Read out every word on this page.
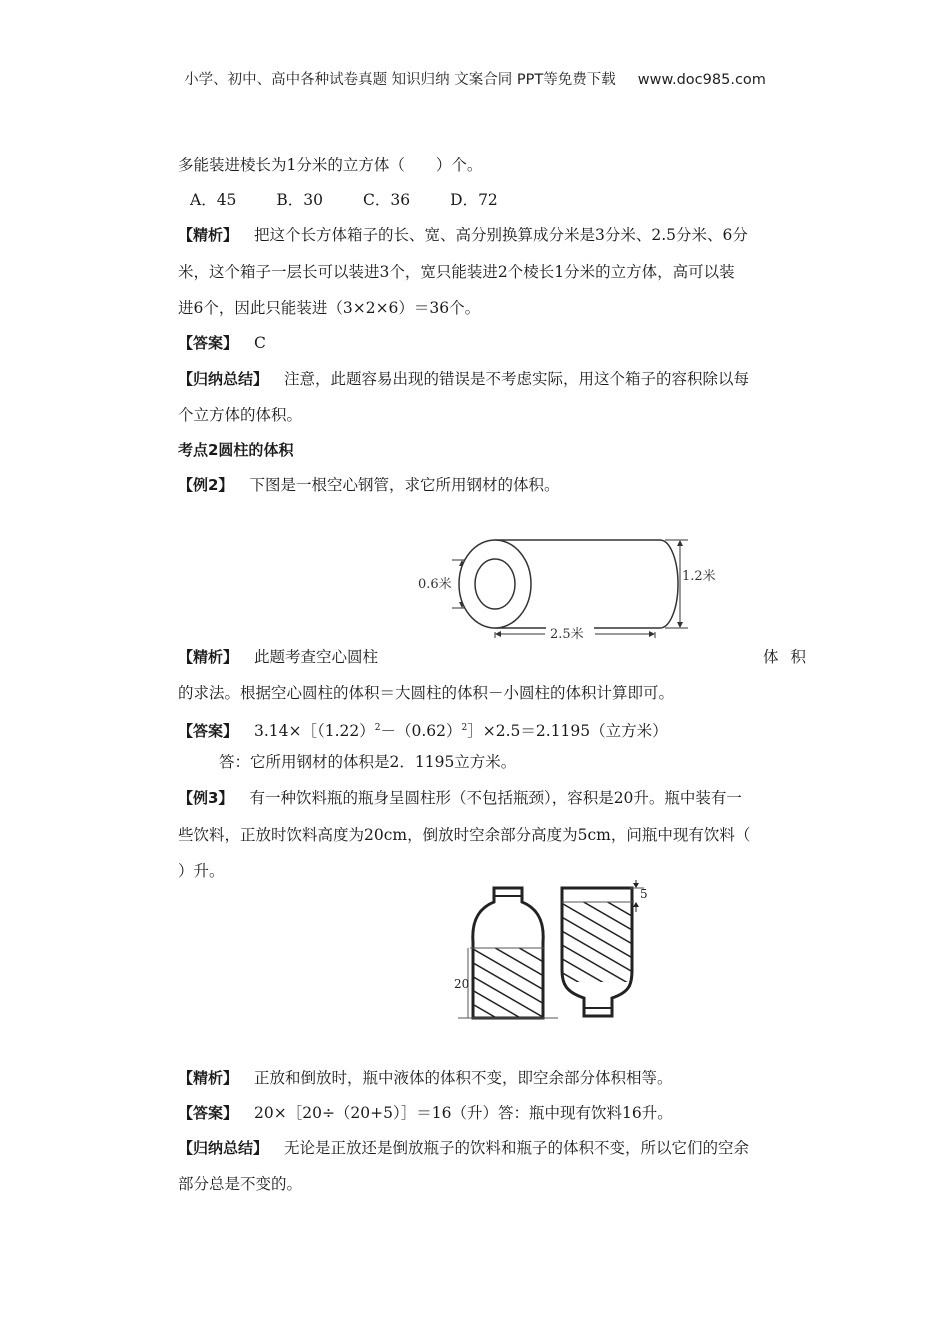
小学、初中、高中各种试卷真题 知识归纳 文案合同 PPT等免费下载 www.doc985.com
多能装进棱长为1分米的立方体（　　）个。
A．45	B．30	C．36	D．72
【精析】 把这个长方体箱子的长、宽、高分别换算成分米是3分米、2.5分米、6分
米，这个箱子一层长可以装进3个，宽只能装进2个棱长1分米的立方体，高可以装
进6个，因此只能装进（3×2×6）＝36个。
【答案】 C
【归纳总结】 注意，此题容易出现的错误是不考虑实际，用这个箱子的容积除以每
个立方体的体积。
考点2圆柱的体积
【例2】 下图是一根空心钢管，求它所用钢材的体积。
0.6米
1.2米
2.5米
【精析】 此题考查空心圆柱	体积
的求法。根据空心圆柱的体积＝大圆柱的体积－小圆柱的体积计算即可。
【答案】 $3.14\times[(1.22)^2-(0.62)^2]\times 2.5=2.1195$（立方米）
答：它所用钢材的体积是2．1195立方米。
【例3】 有一种饮料瓶的瓶身呈圆柱形（不包括瓶颈），容积是20升。瓶中装有一
些饮料，正放时饮料高度为20cm，倒放时空余部分高度为5cm，问瓶中现有饮料（
）升。
20
5
【精析】 正放和倒放时，瓶中液体的体积不变，即空余部分体积相等。
【答案】 20×［20÷（20+5）］＝16（升）答：瓶中现有饮料16升。
【归纳总结】 无论是正放还是倒放瓶子的饮料和瓶子的体积不变，所以它们的空余
部分总是不变的。
